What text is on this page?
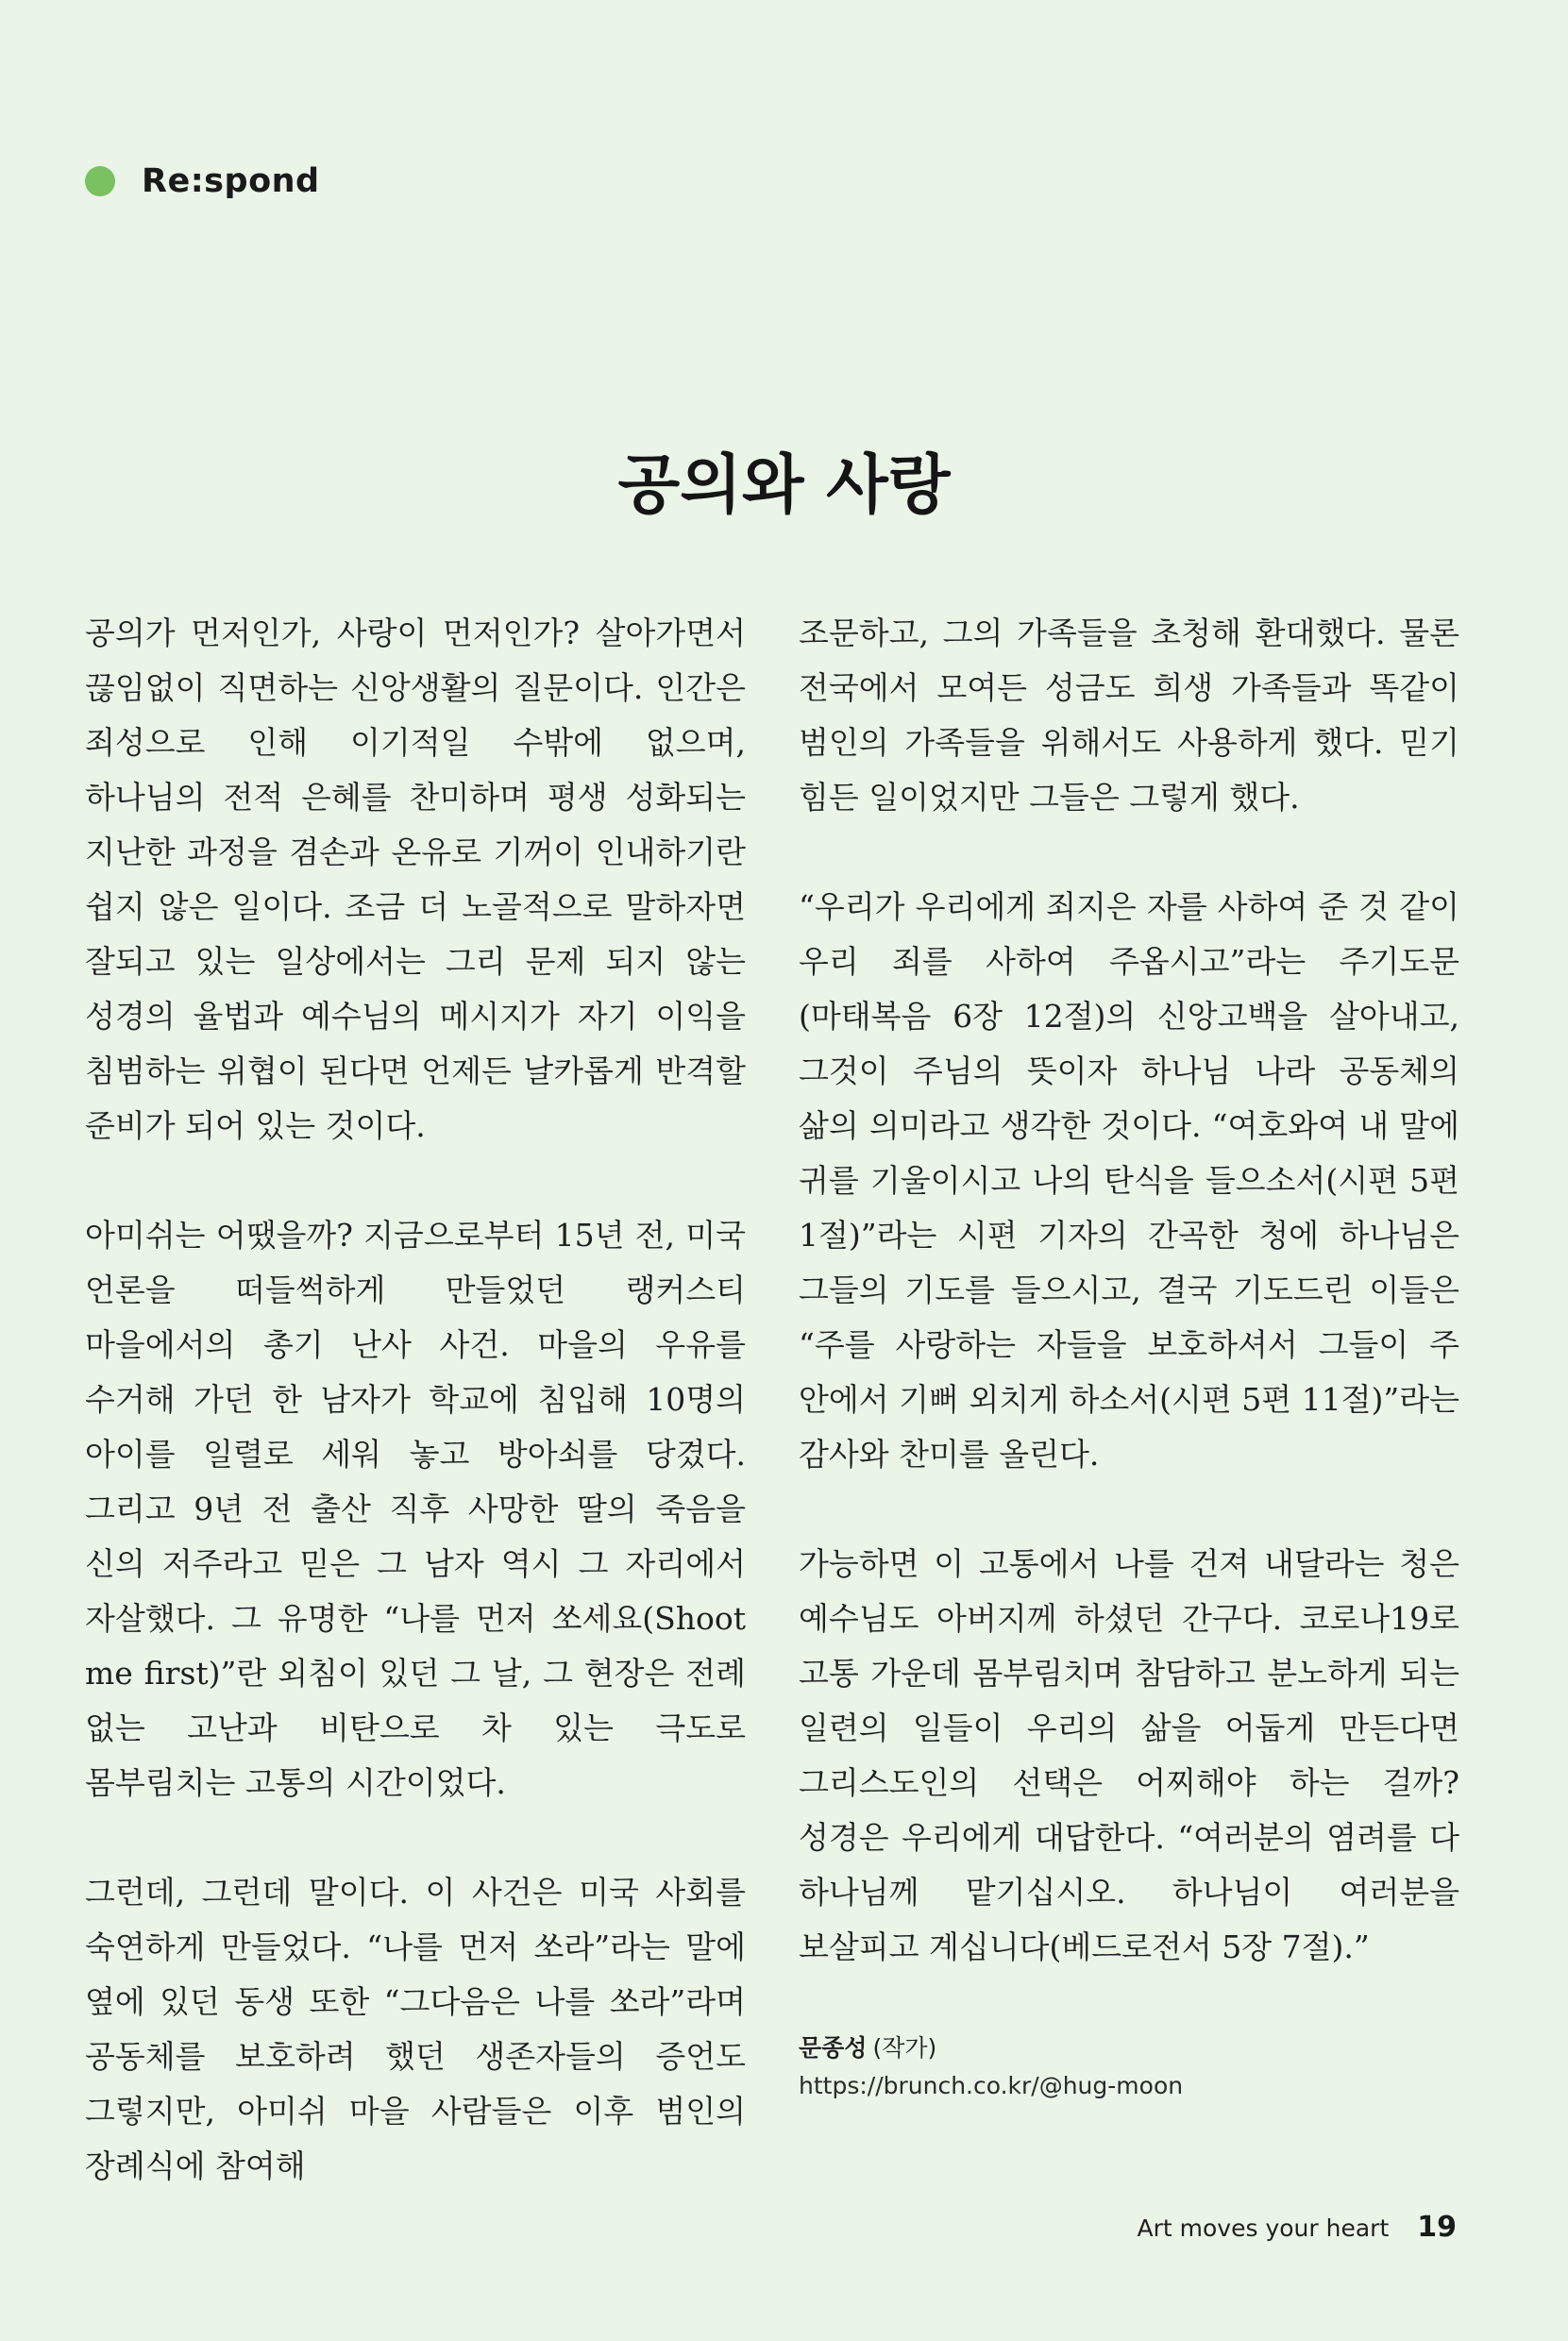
Re:spond
공의와 사랑

공의가 먼저인가, 사랑이 먼저인가? 살아가면서 끊임없이 직면하는 신앙생활의 질문이다. 인간은 죄성으로 인해 이기적일 수밖에 없으며, 하나님의 전적 은혜를 찬미하며 평생 성화되는 지난한 과정을 겸손과 온유로 기꺼이 인내하기란 쉽지 않은 일이다. 조금 더 노골적으로 말하자면 잘되고 있는 일상에서는 그리 문제 되지 않는 성경의 율법과 예수님의 메시지가 자기 이익을 침범하는 위협이 된다면 언제든 날카롭게 반격할 준비가 되어 있는 것이다.

아미쉬는 어땠을까? 지금으로부터 15년 전, 미국 언론을 떠들썩하게 만들었던 랭커스티 마을에서의 총기 난사 사건. 마을의 우유를 수거해 가던 한 남자가 학교에 침입해 10명의 아이를 일렬로 세워 놓고 방아쇠를 당겼다. 그리고 9년 전 출산 직후 사망한 딸의 죽음을 신의 저주라고 믿은 그 남자 역시 그 자리에서 자살했다. 그 유명한 “나를 먼저 쏘세요(Shoot me first)”란 외침이 있던 그 날, 그 현장은 전례 없는 고난과 비탄으로 차 있는 극도로 몸부림치는 고통의 시간이었다.

그런데, 그런데 말이다. 이 사건은 미국 사회를 숙연하게 만들었다. “나를 먼저 쏘라”라는 말에 옆에 있던 동생 또한 “그다음은 나를 쏘라”라며 공동체를 보호하려 했던 생존자들의 증언도 그렇지만, 아미쉬 마을 사람들은 이후 범인의 장례식에 참여해

조문하고, 그의 가족들을 초청해 환대했다. 물론 전국에서 모여든 성금도 희생 가족들과 똑같이 범인의 가족들을 위해서도 사용하게 했다. 믿기 힘든 일이었지만 그들은 그렇게 했다.

“우리가 우리에게 죄지은 자를 사하여 준 것 같이 우리 죄를 사하여 주옵시고”라는 주기도문(마태복음 6장 12절)의 신앙고백을 살아내고, 그것이 주님의 뜻이자 하나님 나라 공동체의 삶의 의미라고 생각한 것이다. “여호와여 내 말에 귀를 기울이시고 나의 탄식을 들으소서(시편 5편 1절)”라는 시편 기자의 간곡한 청에 하나님은 그들의 기도를 들으시고, 결국 기도드린 이들은 “주를 사랑하는 자들을 보호하셔서 그들이 주 안에서 기뻐 외치게 하소서(시편 5편 11절)”라는 감사와 찬미를 올린다.

가능하면 이 고통에서 나를 건져 내달라는 청은 예수님도 아버지께 하셨던 간구다. 코로나19로 고통 가운데 몸부림치며 참담하고 분노하게 되는 일련의 일들이 우리의 삶을 어둡게 만든다면 그리스도인의 선택은 어찌해야 하는 걸까? 성경은 우리에게 대답한다. “여러분의 염려를 다 하나님께 맡기십시오. 하나님이 여러분을 보살피고 계십니다(베드로전서 5장 7절).”

문종성 (작가)
https://brunch.co.kr/@hug-moon
Art moves your heart 19
